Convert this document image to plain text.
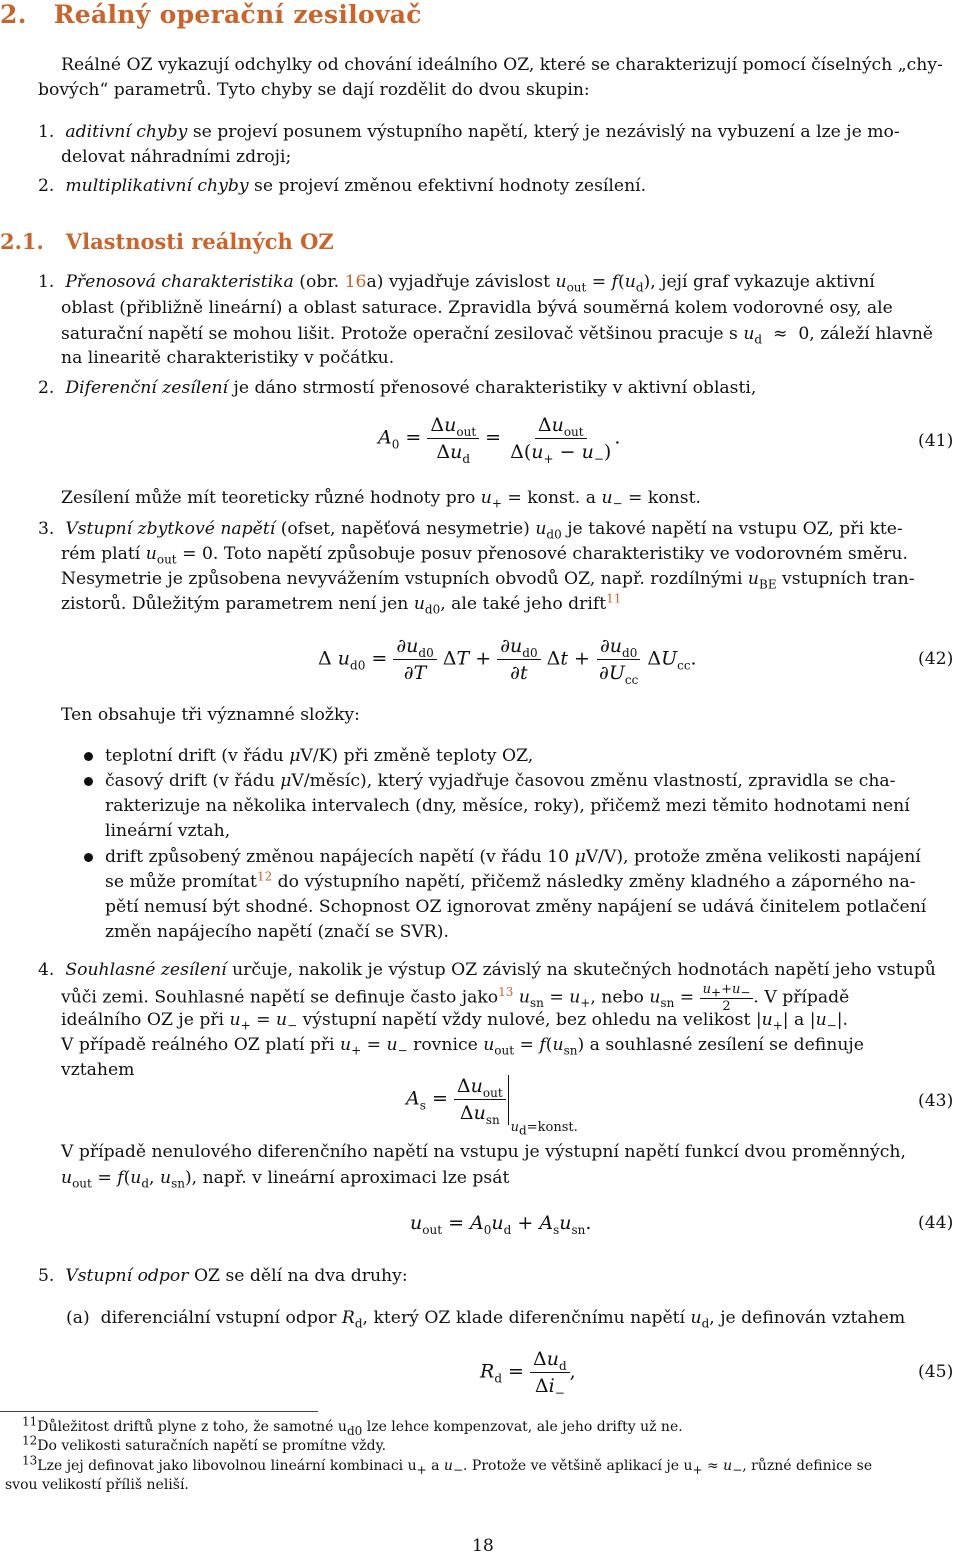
2. Reálný operační zesilovač
Reálné OZ vykazují odchylky od chování ideálního OZ, které se charakterizují pomocí číselných „chy-
bových“ parametrů. Tyto chyby se dají rozdělit do dvou skupin:
1. aditivní chyby se projeví posunem výstupního napětí, který je nezávislý na vybuzení a lze je mo-
delovat náhradními zdroji;
2. multiplikativní chyby se projeví změnou efektivní hodnoty zesílení.
2.1. Vlastnosti reálných OZ
1.  Přenosová charakteristika (obr. 16a) vyjadřuje závislost $u_{out} = f(u_d)$, její graf vykazuje aktivní
oblast (přibližně lineární) a oblast saturace. Zpravidla bývá souměrná kolem vodorovné osy, ale
saturační napětí se mohou lišit. Protože operační zesilovač většinou pracuje s $u_d \approx 0$, záleží hlavně
na linearitě charakteristiky v počátku.
2.  Diferenční zesílení je dáno strmostí přenosové charakteristiky v aktivní oblasti,
$A_0 = \frac{\Delta u_{out}}{\Delta u_d} = \frac{\Delta u_{out}}{\Delta(u_+ - u_-)}$ .	(41)
Zesílení může mít teoreticky různé hodnoty pro $u_+$ = konst. a $u_-$ = konst.
3.  Vstupní zbytkové napětí (ofset, napěťová nesymetrie) $u_{d0}$ je takové napětí na vstupu OZ, při kte-
rém platí $u_{out} = 0$. Toto napětí způsobuje posuv přenosové charakteristiky ve vodorovném směru.
Nesymetrie je způsobena nevyvážením vstupních obvodů OZ, např. rozdílnými $u_{BE}$ vstupních tran-
zistorů. Důležitým parametrem není jen $u_{d0}$, ale také jeho drift$^{11}$
Δ $u_{d0} = \frac{\partial u_{d0}}{\partial T}$ $\Delta T + \frac{\partial u_{d0}}{\partial t}$ $\Delta t + \frac{\partial u_{d0}}{\partial U_{cc}} \Delta U_{cc}$.	(42)
Ten obsahuje tři významné složky:
teplotní drift (v řádu μV/K) při změně teploty OZ,
časový drift (v řádu μV/měsíc), který vyjadřuje časovou změnu vlastností, zpravidla se cha-
rakterizuje na několika intervalech (dny, měsíce, roky), přičemž mezi těmito hodnotami není
lineární vztah,
drift způsobený změnou napájecích napětí (v řádu 10 μV/V), protože změna velikosti napájení
se může promítat$^{12}$ do výstupního napětí, přičemž následky změny kladného a záporného na-
pětí nemusí být shodné. Schopnost OZ ignorovat změny napájení se udává činitelem potlačení
změn napájecího napětí (značí se SVR).
4.  Souhlasné zesílení určuje, nakolik je výstup OZ závislý na skutečných hodnotách napětí jeho vstupů
vůči zemi. Souhlasné napětí se definuje často jako$^{13}$ $u_{sn} = u_+$, nebo $u_{sn} = \frac{u_++u_-}{2}$ . V případě
ideálního OZ je při $u_+ = u_-$ výstupní napětí vždy nulové, bez ohledu na velikost $|u_+|$ a $|u_-|$.
V případě reálného OZ platí při $u_+ = u_-$ rovnice $u_{out} = f(u_{sn})$ a souhlasné zesílení se definuje
vztahem
$A_s = \frac{\Delta u_{out}}{\Delta u_{sn}}$
$_{u_d=konst.}$
(43)
V případě nenulového diferenčního napětí na vstupu je výstupní napětí funkcí dvou proměnných,
$u_{out} = f(u_d$, $u_{sn}$), např. v lineární aproximaci lze psát
$u_{out} = A_0u_d + A_su_{sn}$.	(44)
5.  Vstupní odpor OZ se dělí na dva druhy:
(a)  diferenciální vstupní odpor $R_d$, který OZ klade diferenčnímu napětí $u_d$, je definován vztahem
$R_d = \frac{\Delta u_d}{\Delta i_-}$ ,	(45)
$^{11}$Důležitost driftů plyne z toho, že samotné $u_{d0}$ lze lehce kompenzovat, ale jeho drifty už ne.
$^{12}$Do velikosti saturačních napětí se promítne vždy.
$^{13}$Lze jej definovat jako libovolnou lineární kombinaci $u_+$ a $u_-$. Protože ve většině aplikací je $u_+ \approx u_-$, různé definice se
svou velikostí příliš neliší.
18
